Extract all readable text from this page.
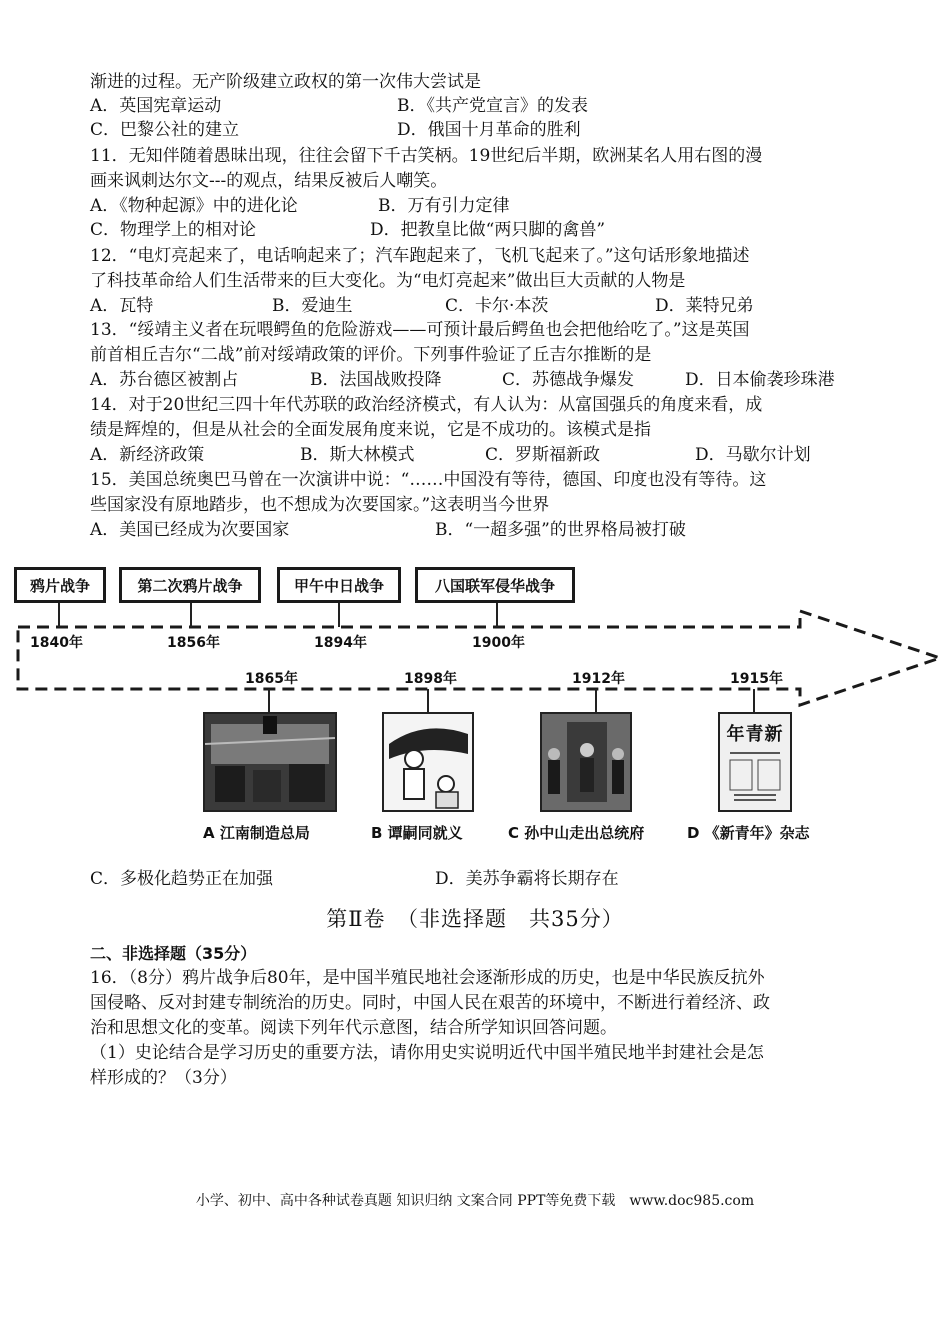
渐进的过程。无产阶级建立政权的第一次伟大尝试是
A．英国宪章运动	B．《共产党宣言》的发表
C．巴黎公社的建立	D．俄国十月革命的胜利
11．无知伴随着愚昧出现，往往会留下千古笑柄。19世纪后半期，欧洲某名人用右图的漫
画来讽刺达尔文---的观点，结果反被后人嘲笑。
A．《物种起源》中的进化论	B．万有引力定律
C．物理学上的相对论	D．把教皇比做“两只脚的禽兽”
12．“电灯亮起来了，电话响起来了；汽车跑起来了，飞机飞起来了。”这句话形象地描述
了科技革命给人们生活带来的巨大变化。为“电灯亮起来”做出巨大贡献的人物是
A．瓦特	B．爱迪生	C．卡尔·本茨	D．莱特兄弟
13．“绥靖主义者在玩喂鳄鱼的危险游戏——可预计最后鳄鱼也会把他给吃了。”这是英国
前首相丘吉尔“二战”前对绥靖政策的评价。下列事件验证了丘吉尔推断的是
A．苏台德区被割占	B．法国战败投降	C．苏德战争爆发	D．日本偷袭珍珠港
14．对于20世纪三四十年代苏联的政治经济模式，有人认为：从富国强兵的角度来看，成
绩是辉煌的，但是从社会的全面发展角度来说，它是不成功的。该模式是指
A．新经济政策	B．斯大林模式	C．罗斯福新政	D．马歇尔计划
15．美国总统奥巴马曾在一次演讲中说：“……中国没有等待，德国、印度也没有等待。这
些国家没有原地踏步，也不想成为次要国家。”这表明当今世界
A．美国已经成为次要国家	B．“一超多强”的世界格局被打破
鸦片战争	第二次鸦片战争	甲午中日战争	八国联军侵华战争
1840年	1856年	1894年	1900年
1865年	1898年	1912年	1915年
年青新
A 江南制造总局	B 谭嗣同就义	C 孙中山走出总统府	D 《新青年》杂志
C．多极化趋势正在加强	D．美苏争霸将长期存在
第Ⅱ卷　（非选择题　共35分）
二、非选择题（35分）
16．（8分）鸦片战争后80年，是中国半殖民地社会逐渐形成的历史，也是中华民族反抗外
国侵略、反对封建专制统治的历史。同时，中国人民在艰苦的环境中，不断进行着经济、政
治和思想文化的变革。阅读下列年代示意图，结合所学知识回答问题。
（1）史论结合是学习历史的重要方法，请你用史实说明近代中国半殖民地半封建社会是怎
样形成的？（3分）
小学、初中、高中各种试卷真题 知识归纳 文案合同 PPT等免费下载　www.doc985.com
